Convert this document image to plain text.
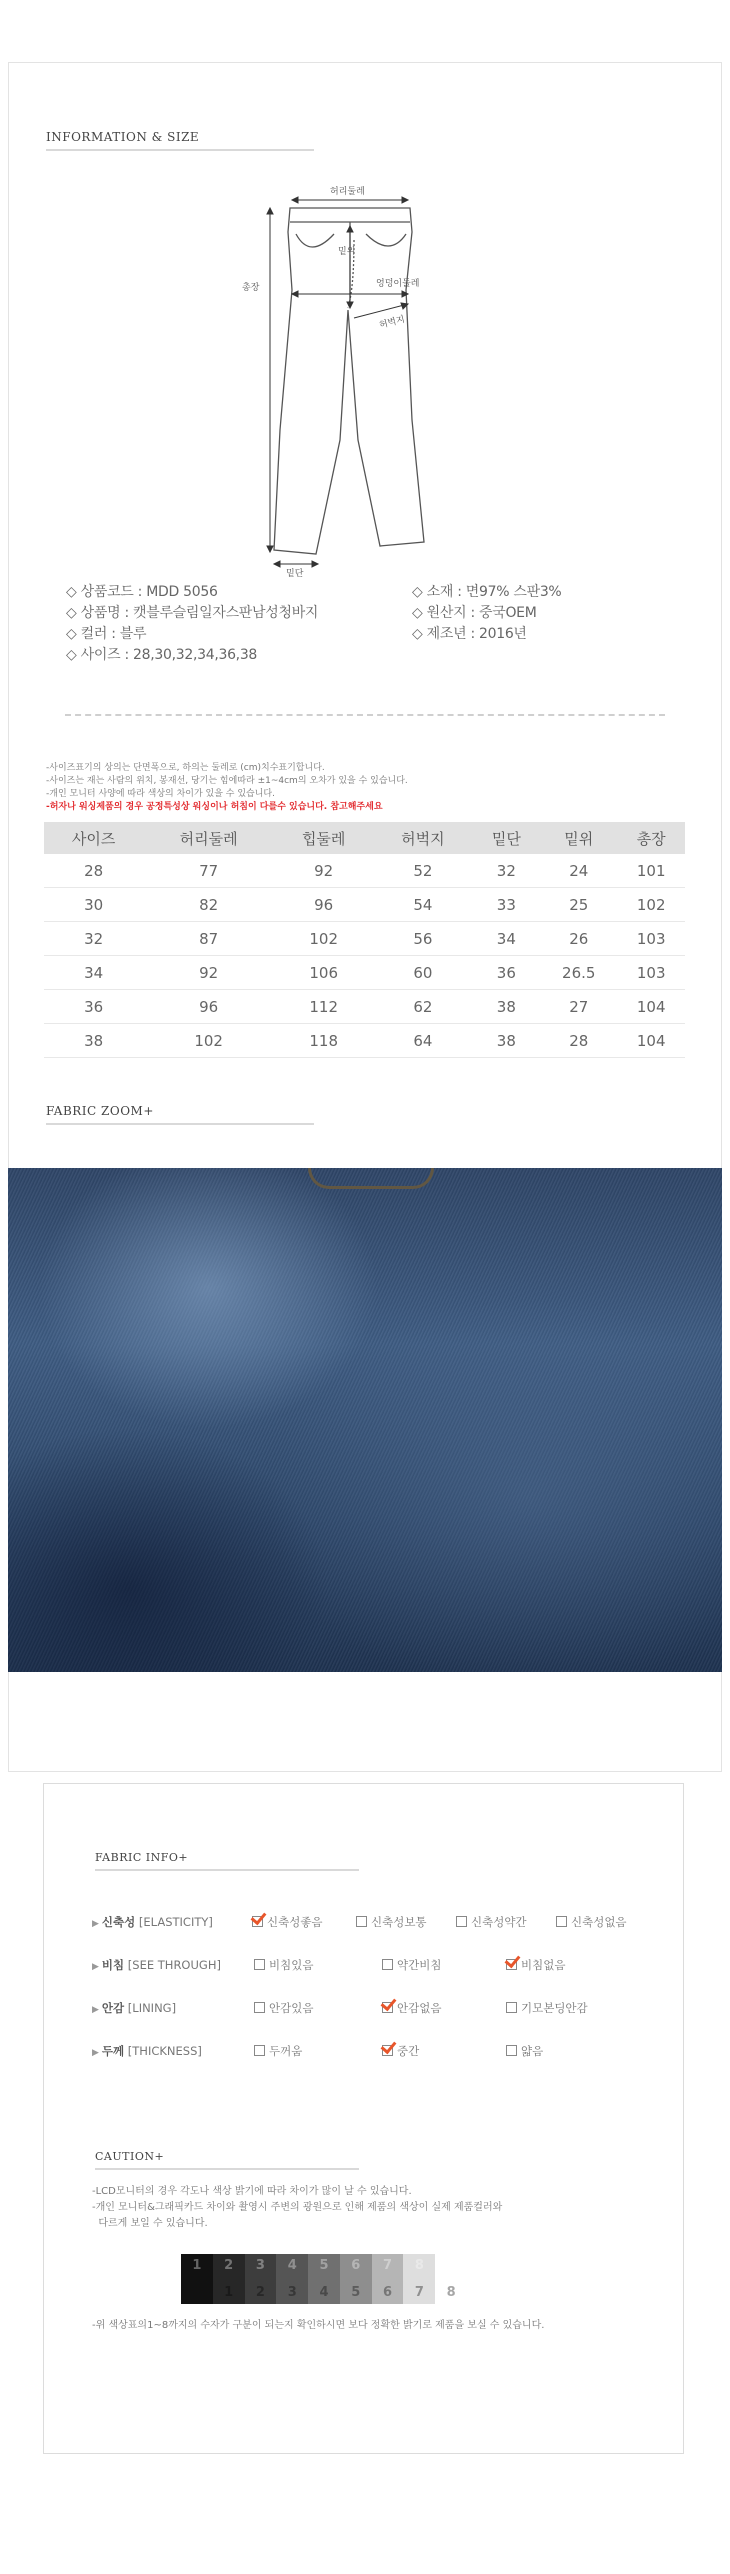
INFORMATION & SIZE
허리둘레
밑위
총장	엉덩이둘레
허벅지
밑단
◇ 상품코드 : MDD 5056
◇ 상품명 : 캣블루슬림일자스판남성청바지
◇ 컬러 : 블루
◇ 사이즈 : 28,30,32,34,36,38
◇ 소재 : 면97% 스판3%
◇ 원산지 : 중국OEM
◇ 제조년 : 2016년
-사이즈표기의 상의는 단면폭으로, 하의는 둘레로 (cm)치수표기합니다.
-사이즈는 재는 사람의 위치, 봉재선, 당기는 힘에따라 ±1~4cm의 오차가 있을 수 있습니다.
-개인 모니터 사양에 따라 색상의 차이가 있을 수 있습니다.
-허자나 워싱제품의 경우 공정특성상 워싱이나 허침이 다를수 있습니다. 참고해주세요
사이즈	허리둘레	힙둘레	허벅지	밑단	밑위	총장
28	77	92	52	32	24	101
30	82	96	54	33	25	102
32	87	102	56	34	26	103
34	92	106	60	36	26.5	103
36	96	112	62	38	27	104
38	102	118	64	38	28	104
FABRIC ZOOM+
FABRIC INFO+
▶ 신축성 [ELASTICITY]	신축성좋음	신축성보통	신축성약간	신축성없음
▶ 비침 [SEE THROUGH]	비침있음	약간비침	비침없음
▶ 안감 [LINING]	안감있음	안감없음	기모본딩안감
▶ 두께 [THICKNESS]	두꺼움	중간	얇음
CAUTION+
-LCD모니터의 경우 각도나 색상 밝기에 따라 차이가 많이 날 수 있습니다.
-개인 모니터&그래픽카드 차이와 촬영시 주변의 광원으로 인해 제품의 색상이 실제 제품컬러와
다르게 보일 수 있습니다.
1	2
1
3
2
4
3
5
4
6
5
7
6
8
7	8
-위 색상표의1~8까지의 수자가 구분이 되는지 확인하시면 보다 정확한 밝기로 제품을 보실 수 있습니다.
